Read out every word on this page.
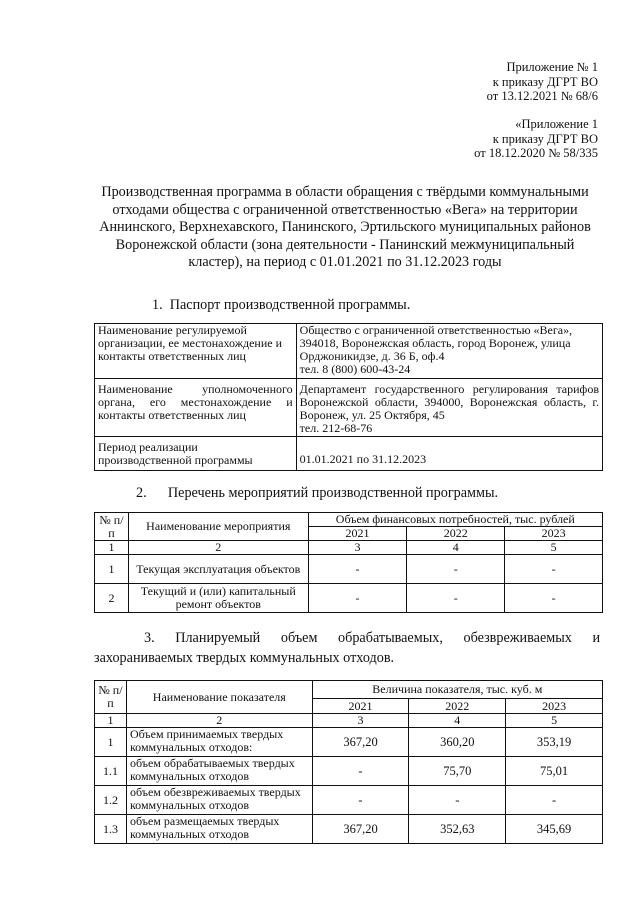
Приложение № 1
к приказу ДГРТ ВО
от 13.12.2021 № 68/6
«Приложение 1
к приказу ДГРТ ВО
от 18.12.2020 № 58/335
Производственная программа в области обращения с твёрдыми коммунальными отходами общества с ограниченной ответственностью «Вега» на территории Аннинского, Верхнехавского, Панинского, Эртильского муниципальных районов Воронежской области (зона деятельности - Панинский межмуниципальный кластер), на период с 01.01.2021 по 31.12.2023 годы
1. Паспорт производственной программы.
Наименование регулируемой организации, ее местонахождение и контакты ответственных лиц	Общество с ограниченной ответственностью «Вега», 394018, Воронежская область, город Воронеж, улица Орджоникидзе, д. 36 Б, оф.4
тел. 8 (800) 600-43-24

Наименование уполномоченного органа, его местонахождение и контакты ответственных лиц	Департамент государственного регулирования тарифов Воронежской области, 394000, Воронежская область, г. Воронеж, ул. 25 Октября, 45
тел. 212-68-76

Период реализации производственной программы	01.01.2021 по 31.12.2023
2. Перечень мероприятий производственной программы.
№ п/п	Наименование мероприятия	Объем финансовых потребностей, тыс. рублей		
		2021	2022	2023
1	2	3	4	5
1	Текущая эксплуатация объектов	-	-	-
2	Текущий и (или) капитальный ремонт объектов	-	-	-
3. Планируемый объем обрабатываемых, обезвреживаемых и
захораниваемых твердых коммунальных отходов.
№ п/п	Наименование показателя	Величина показателя, тыс. куб. м		
		2021	2022	2023
1	2	3	4	5
1	Объем принимаемых твердых коммунальных отходов:	367,20	360,20	353,19
1.1	объем обрабатываемых твердых коммунальных отходов	-	75,70	75,01
1.2	объем обезвреживаемых твердых коммунальных отходов	-	-	-
1.3	объем размещаемых твердых коммунальных отходов	367,20	352,63	345,69
